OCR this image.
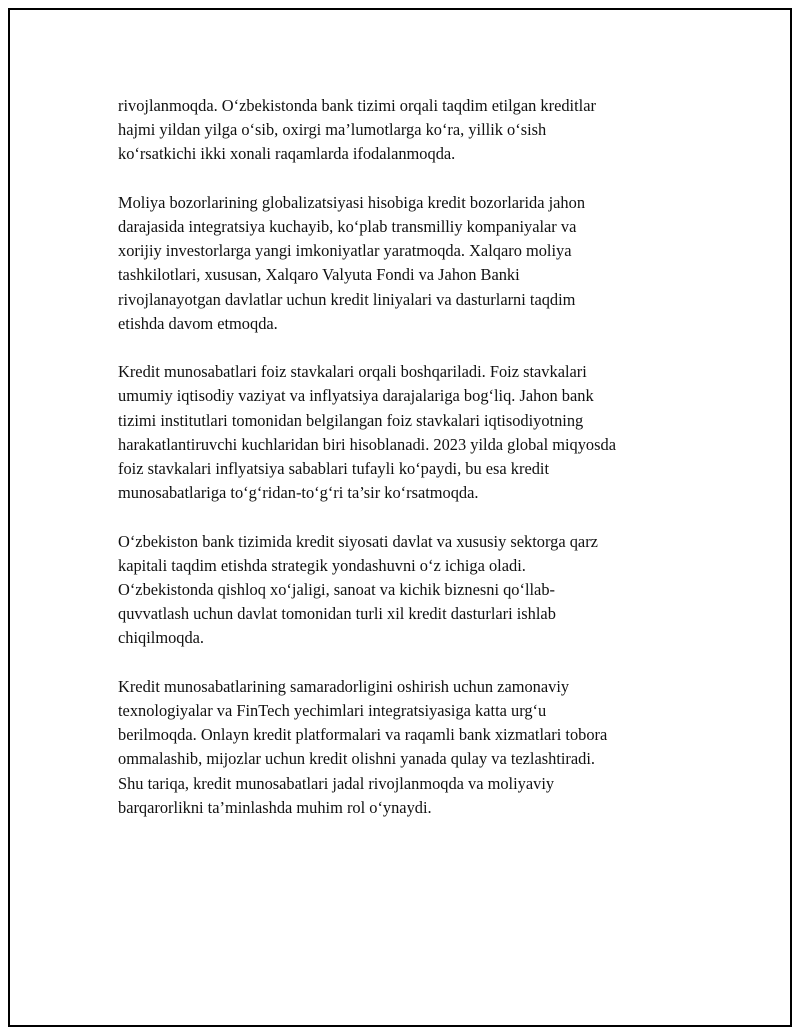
rivojlanmoqda. O‘zbekistonda bank tizimi orqali taqdim etilgan kreditlar
hajmi yildan yilga o‘sib, oxirgi ma’lumotlarga ko‘ra, yillik o‘sish
ko‘rsatkichi ikki xonali raqamlarda ifodalanmoqda.

Moliya bozorlarining globalizatsiyasi hisobiga kredit bozorlarida jahon
darajasida integratsiya kuchayib, ko‘plab transmilliy kompaniyalar va
xorijiy investorlarga yangi imkoniyatlar yaratmoqda. Xalqaro moliya
tashkilotlari, xususan, Xalqaro Valyuta Fondi va Jahon Banki
rivojlanayotgan davlatlar uchun kredit liniyalari va dasturlarni taqdim
etishda davom etmoqda.

Kredit munosabatlari foiz stavkalari orqali boshqariladi. Foiz stavkalari
umumiy iqtisodiy vaziyat va inflyatsiya darajalariga bog‘liq. Jahon bank
tizimi institutlari tomonidan belgilangan foiz stavkalari iqtisodiyotning
harakatlantiruvchi kuchlaridan biri hisoblanadi. 2023 yilda global miqyosda
foiz stavkalari inflyatsiya sabablari tufayli ko‘paydi, bu esa kredit
munosabatlariga to‘g‘ridan-to‘g‘ri ta’sir ko‘rsatmoqda.

O‘zbekiston bank tizimida kredit siyosati davlat va xususiy sektorga qarz
kapitali taqdim etishda strategik yondashuvni o‘z ichiga oladi.
O‘zbekistonda qishloq xo‘jaligi, sanoat va kichik biznesni qo‘llab-
quvvatlash uchun davlat tomonidan turli xil kredit dasturlari ishlab
chiqilmoqda.

Kredit munosabatlarining samaradorligini oshirish uchun zamonaviy
texnologiyalar va FinTech yechimlari integratsiyasiga katta urg‘u
berilmoqda. Onlayn kredit platformalari va raqamli bank xizmatlari tobora
ommalashib, mijozlar uchun kredit olishni yanada qulay va tezlashtiradi.
Shu tariqa, kredit munosabatlari jadal rivojlanmoqda va moliyaviy
barqarorlikni ta’minlashda muhim rol o‘ynaydi.
